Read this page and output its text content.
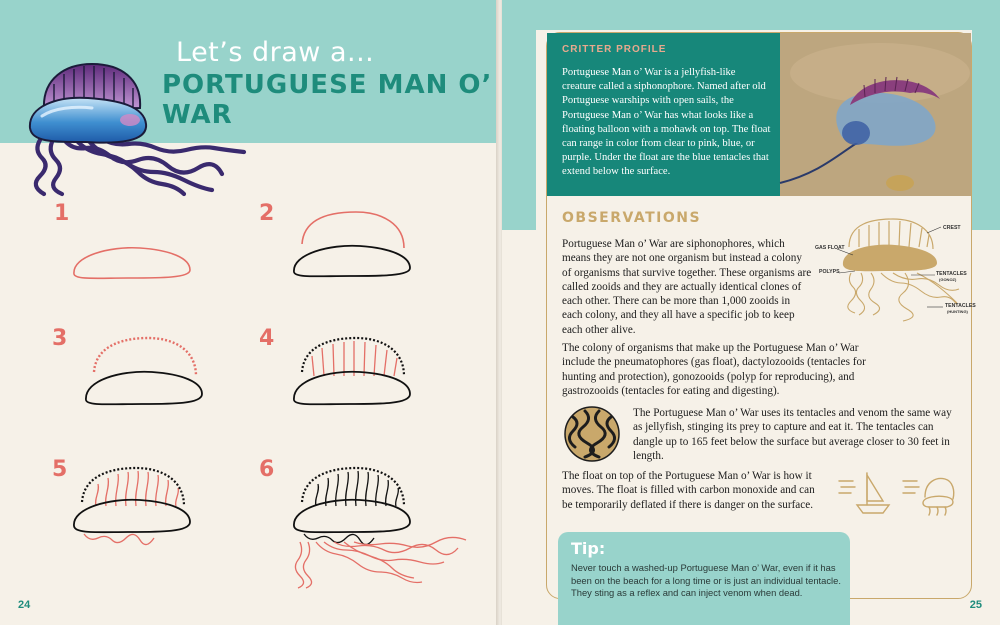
Let’s draw a...
PORTUGUESE MAN O’ WAR
1	2
3	4
5	6
24
CRITTER PROFILE
Portuguese Man o’ War is a jellyfish-like creature called a siphonophore. Named after old Portuguese warships with open sails, the Portuguese Man o’ War has what looks like a floating balloon with a mohawk on top. The float can range in color from clear to pink, blue, or purple. Under the float are the blue tentacles that extend below the surface.
OBSERVATIONS
Portuguese Man o’ War are siphonophores, which means they are not one organism but instead a colony of organisms that survive together. These organisms are called zooids and they are actually identical clones of each other. There can be more than 1,000 zooids in each colony, and they all have a specific job to keep each other alive.
CREST
GAS FLOAT
POLYPS	TENTACLES
(GONOZ)
TENTACLES
(HUNTING)
The colony of organisms that make up the Portuguese Man o’ War include the pneumatophores (gas float), dactylozooids (tentacles for hunting and protection), gonozooids (polyp for reproducing), and gastrozooids (tentacles for eating and digesting).
The Portuguese Man o’ War uses its tentacles and venom the same way as jellyfish, stinging its prey to capture and eat it. The tentacles can dangle up to 165 feet below the surface but average closer to 30 feet in length.
The float on top of the Portuguese Man o’ War is how it moves. The float is filled with carbon monoxide and can be temporarily deflated if there is danger on the surface.
Tip:
Never touch a washed-up Portuguese Man o’ War, even if it has been on the beach for a long time or is just an individual tentacle. They sting as a reflex and can inject venom when dead.
25
